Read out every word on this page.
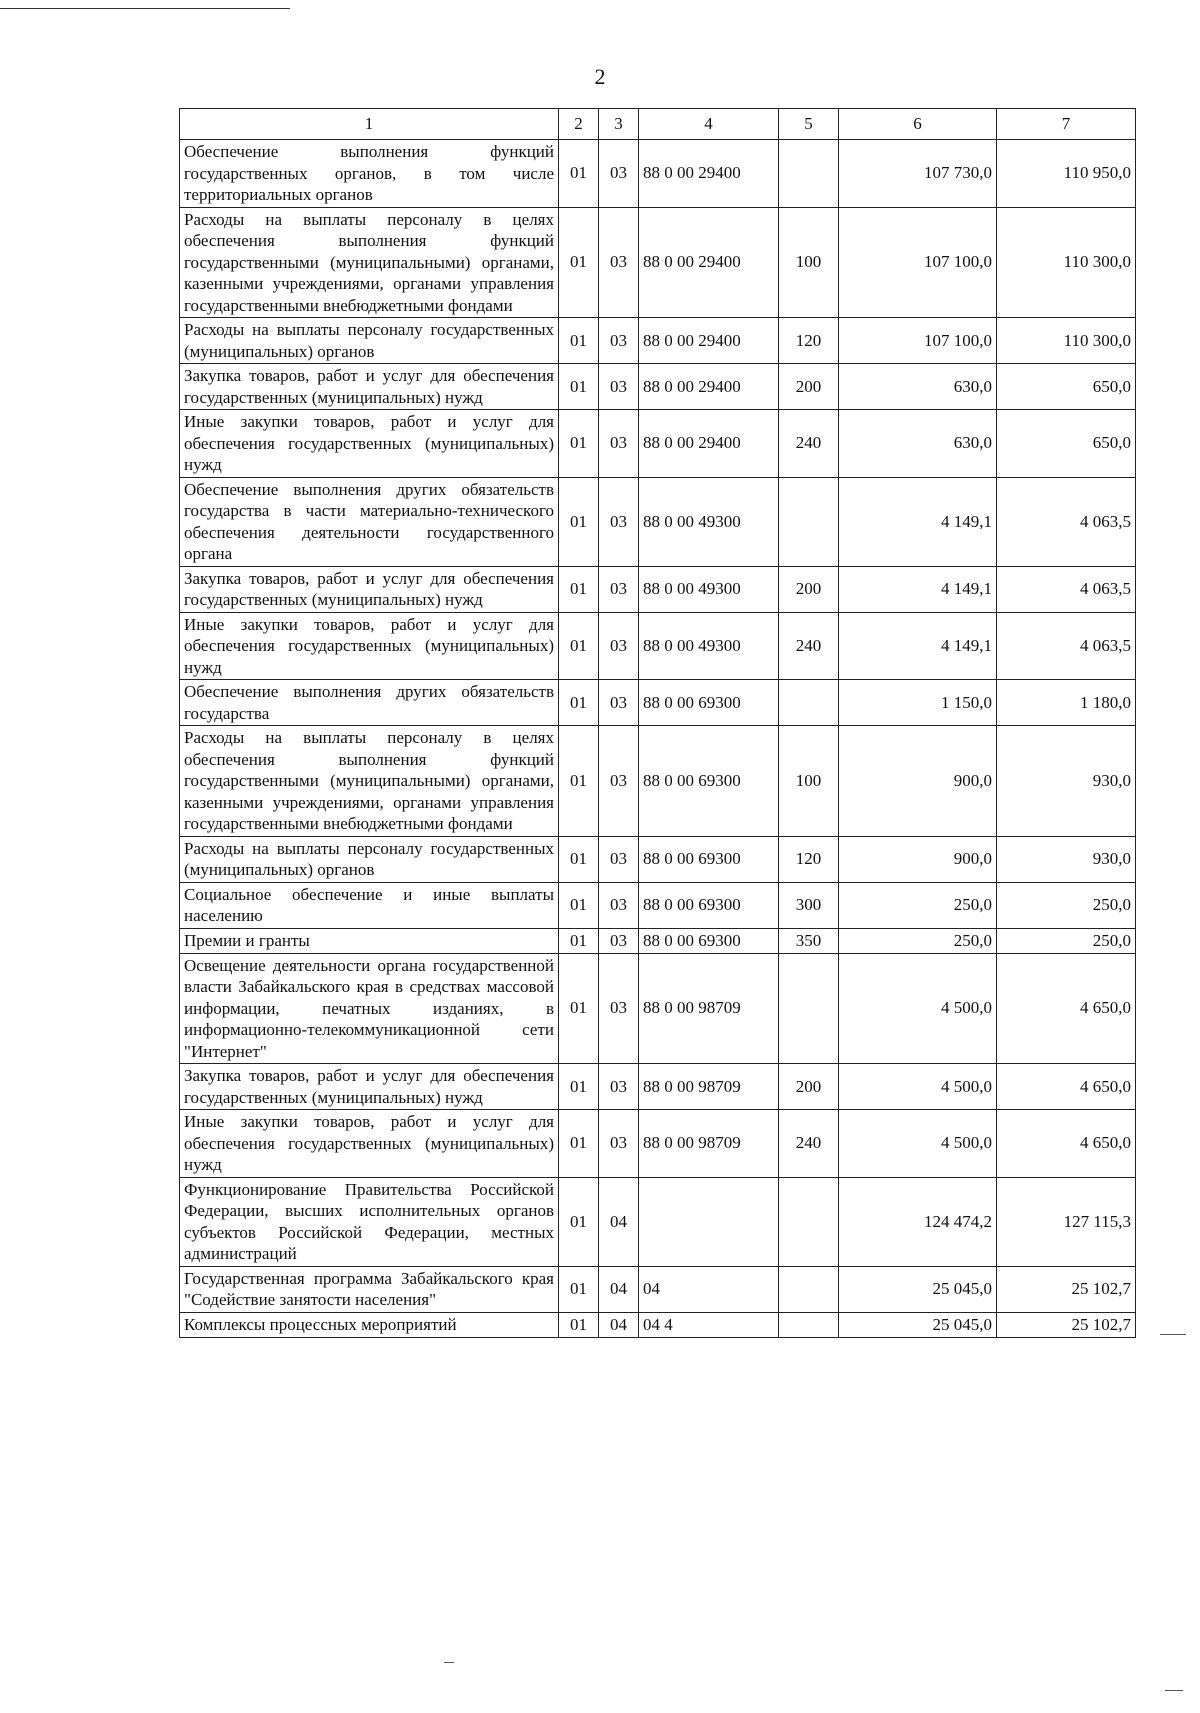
2
1	2	3	4	5	6	7
Обеспечение выполнения функций государственных органов, в том числе территориальных органов	01	03	88 0 00 29400		107 730,0	110 950,0
Расходы на выплаты персоналу в целях обеспечения выполнения функций государственными (муниципальными) органами, казенными учреждениями, органами управления государственными внебюджетными фондами	01	03	88 0 00 29400	100	107 100,0	110 300,0
Расходы на выплаты персоналу государственных (муниципальных) органов	01	03	88 0 00 29400	120	107 100,0	110 300,0
Закупка товаров, работ и услуг для обеспечения государственных (муниципальных) нужд	01	03	88 0 00 29400	200	630,0	650,0
Иные закупки товаров, работ и услуг для обеспечения государственных (муниципальных) нужд	01	03	88 0 00 29400	240	630,0	650,0
Обеспечение выполнения других обязательств государства в части материально-технического обеспечения деятельности государственного органа	01	03	88 0 00 49300		4 149,1	4 063,5
Закупка товаров, работ и услуг для обеспечения государственных (муниципальных) нужд	01	03	88 0 00 49300	200	4 149,1	4 063,5
Иные закупки товаров, работ и услуг для обеспечения государственных (муниципальных) нужд	01	03	88 0 00 49300	240	4 149,1	4 063,5
Обеспечение выполнения других обязательств государства	01	03	88 0 00 69300		1 150,0	1 180,0
Расходы на выплаты персоналу в целях обеспечения выполнения функций государственными (муниципальными) органами, казенными учреждениями, органами управления государственными внебюджетными фондами	01	03	88 0 00 69300	100	900,0	930,0
Расходы на выплаты персоналу государственных (муниципальных) органов	01	03	88 0 00 69300	120	900,0	930,0
Социальное обеспечение и иные выплаты населению	01	03	88 0 00 69300	300	250,0	250,0
Премии и гранты	01	03	88 0 00 69300	350	250,0	250,0
Освещение деятельности органа государственной власти Забайкальского края в средствах массовой информации, печатных изданиях, в информационно-телекоммуникационной сети "Интернет"	01	03	88 0 00 98709		4 500,0	4 650,0
Закупка товаров, работ и услуг для обеспечения государственных (муниципальных) нужд	01	03	88 0 00 98709	200	4 500,0	4 650,0
Иные закупки товаров, работ и услуг для обеспечения государственных (муниципальных) нужд	01	03	88 0 00 98709	240	4 500,0	4 650,0
Функционирование Правительства Российской Федерации, высших исполнительных органов субъектов Российской Федерации, местных администраций	01	04			124 474,2	127 115,3
Государственная программа Забайкальского края "Содействие занятости населения"	01	04	04		25 045,0	25 102,7
Комплексы процессных мероприятий	01	04	04 4		25 045,0	25 102,7
